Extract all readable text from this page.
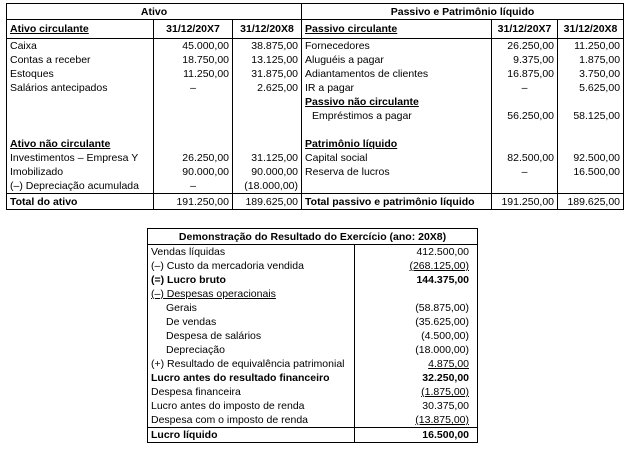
Ativo			Passivo e Patrimônio líquido		
Ativo circulante	31/12/20X7	31/12/20X8	Passivo circulante	31/12/20X7	31/12/20X8
Caixa	45.000,00	38.875,00	Fornecedores	26.250,00	11.250,00
Contas a receber	18.750,00	13.125,00	Aluguéis a pagar	9.375,00	1.875,00
Estoques	11.250,00	31.875,00	Adiantamentos de clientes	16.875,00	3.750,00
Salários antecipados	–	2.625,00	IR a pagar	–	5.625,00
			Passivo não circulante		
			Empréstimos a pagar	56.250,00	58.125,00

Ativo não circulante			Patrimônio líquido		
Investimentos – Empresa Y	26.250,00	31.125,00	Capital social	82.500,00	92.500,00
Imobilizado	90.000,00	90.000,00	Reserva de lucros	–	16.500,00
(–) Depreciação acumulada	–	(18.000,00)			
Total do ativo	191.250,00	189.625,00	Total passivo e patrimônio líquido	191.250,00	189.625,00
Demonstração do Resultado do Exercício (ano: 20X8)	
Vendas líquidas	412.500,00
(–) Custo da mercadoria vendida	(268.125,00)
(=) Lucro bruto	144.375,00
(–) Despesas operacionais	
Gerais	(58.875,00)
De vendas	(35.625,00)
Despesa de salários	(4.500,00)
Depreciação	(18.000,00)
(+) Resultado de equivalência patrimonial	4.875,00
Lucro antes do resultado financeiro	32.250,00
Despesa financeira	(1.875,00)
Lucro antes do imposto de renda	30.375,00
Despesa com o imposto de renda	(13.875,00)
Lucro líquido	16.500,00
